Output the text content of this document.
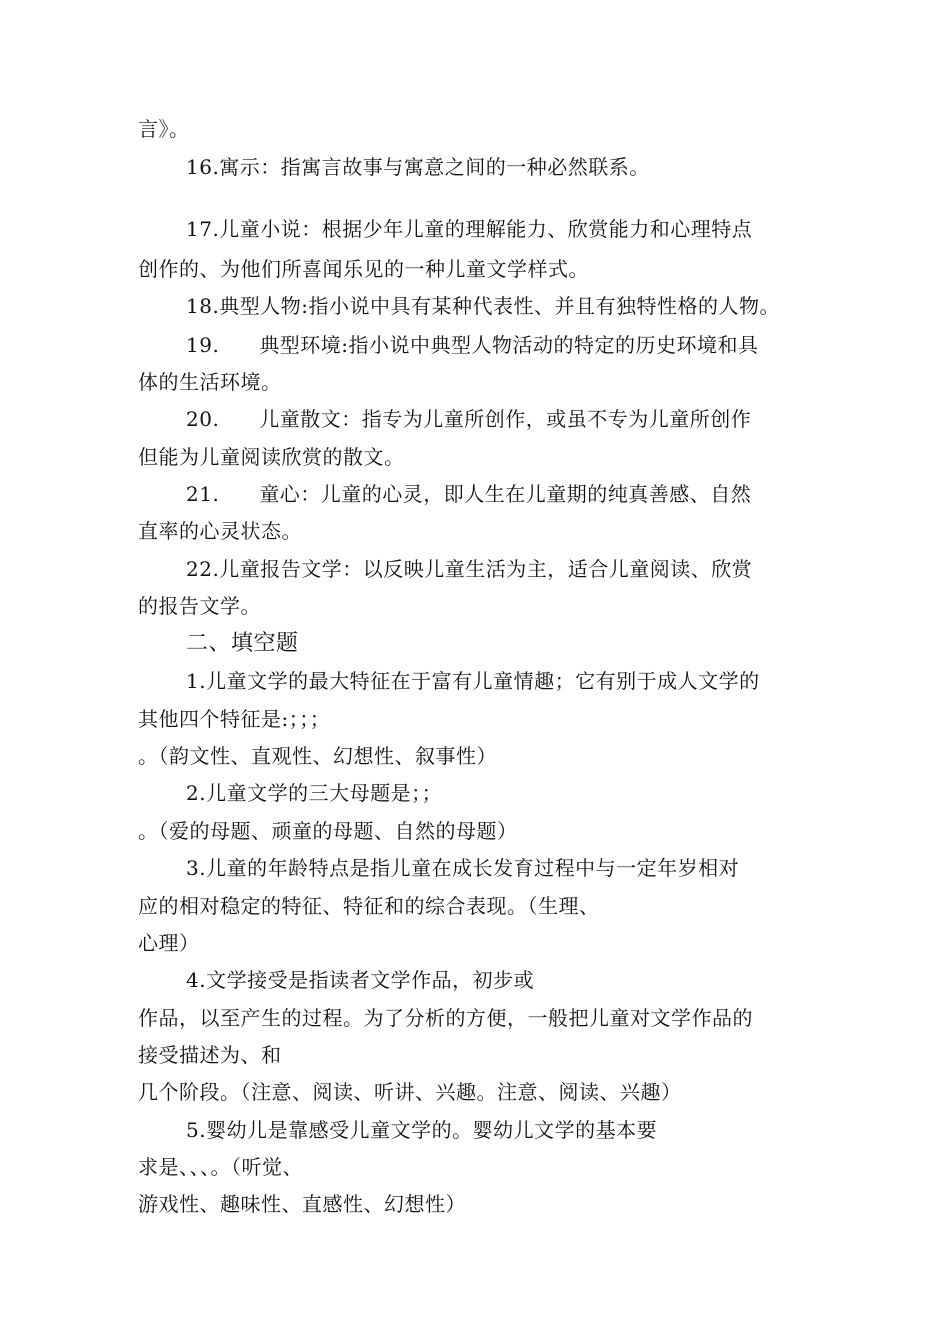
言》。
16.寓示：指寓言故事与寓意之间的一种必然联系。
17.儿童小说：根据少年儿童的理解能力、欣赏能力和心理特点
创作的、为他们所喜闻乐见的一种儿童文学样式。
18.典型人物:指小说中具有某种代表性、并且有独特性格的人物。
19. 典型环境:指小说中典型人物活动的特定的历史环境和具
体的生活环境。
20. 儿童散文：指专为儿童所创作，或虽不专为儿童所创作
但能为儿童阅读欣赏的散文。
21. 童心：儿童的心灵，即人生在儿童期的纯真善感、自然
直率的心灵状态。
22.儿童报告文学：以反映儿童生活为主，适合儿童阅读、欣赏
的报告文学。
二、填空题
1.儿童文学的最大特征在于富有儿童情趣；它有别于成人文学的
其他四个特征是:；；；
。（韵文性、直观性、幻想性、叙事性）
2.儿童文学的三大母题是；；
。（爱的母题、顽童的母题、自然的母题）
3.儿童的年龄特点是指儿童在成长发育过程中与一定年岁相对
应的相对稳定的特征、特征和的综合表现。（生理、
心理）
4.文学接受是指读者文学作品，初步或
作品，以至产生的过程。为了分析的方便，一般把儿童对文学作品的
接受描述为、和
几个阶段。（注意、阅读、听讲、兴趣。注意、阅读、兴趣）
5.婴幼儿是靠感受儿童文学的。婴幼儿文学的基本要
求是、、、。（听觉、
游戏性、趣味性、直感性、幻想性）
